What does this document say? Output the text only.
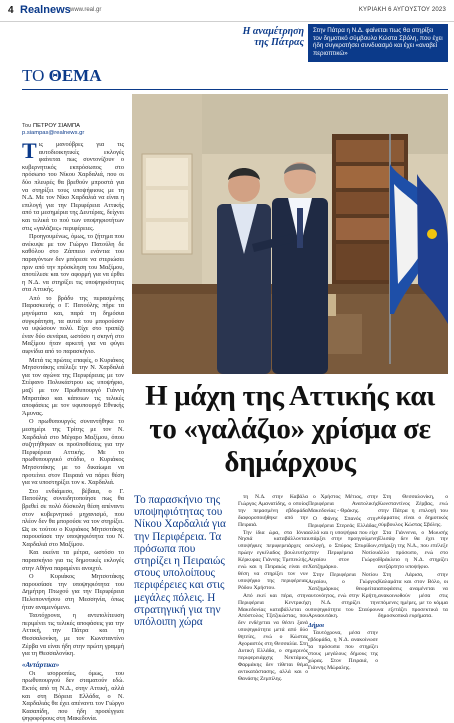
4 Realnews www.real.gr	ΚΥΡΙΑΚΗ 6 ΑΥΓΟΥΣΤΟΥ 2023
Η αναμέτρηση της Πάτρας
Στην Πάτρα η Ν.Δ. φαίνεται πως θα στηρίξει τον δημοτικό σύμβουλο Κώστα Σβόλη, που έχει ήδη συγκροτήσει συνδυασμό και έχει «αναβεί περιοπτικώ»
ΤΟ ΘΕΜΑ
Του ΠΕΤΡΟΥ ΣΙΑΜΠΑ
p.siampas@realnews.gr

Τις μανούβρες για τις αυτοδιοικητικές εκλογές φαίνεται πως συντονίζουν ο κυβερνητικός εκπρόσωπος στο πρόσωπο του Νίκου Χαρδαλιά, που οι δύο πλευρές θα βρεθούν μπροστά για να στηρίξει τους υποψήφιους με τη Ν.Δ. Με τον Νίκο Χαρδαλιά να είναι η επιλογή για την Περιφέρεια Αττικής από τα μεσημέρια της Δευτέρας, δείχνει και τελικά το πού των υποψηφιοτήτων στις «γαλάζιες» περιφέρειες.

Προηγουμένως, όμως, το ζήτημα που ανέκυψε με τον Γιώργο Πατούλη δε καθόλου στο Ζάππειο ενάντια του παραγόντων δεν μπόρεσε να στεριώσει πριν από την πρόσκληση του Μαξίμου, αποτέλεσε και τον αφορμή για να έρθει η Ν.Δ. να στηρίξει τις υποψηφιότητες στα Αττικής.

Από το βράδυ της περασμένης Παρασκευής ο Γ. Πατούλης πήρε τα μηνύματα και, παρά τη δημόσια συγκράτηση, τα αυτιά του μπορούσαν να υψώσουν πολύ. Είχε στο τραπέζι έναν δύο σενάρια, ωστόσο η σκηνή στο Μαξίμου ήταν αρκετή για να φύγει αιφνίδια από το παρασκήνιο.

Μετά τις πρώτες επαφές, ο Κυριάκος Μητσοτάκης επέλεξε την Ν. Χαρδαλιά για τον αγώνα της Περιφέρειας με τον Στέφανο Πολυκάστρου ως υποψήφιο, μαζί με τον Πρωθυπουργό Γιάννη Μπρατάκο και κάποιων τις τελικές αποφάσεις με τον υφυπουργό Εθνικής Άμυνας.

Ο πρωθυπουργός συναντήθηκε το μεσημέρι της Τρίτης με τον Ν. Χαρδαλιά στο Μέγαρο Μαξίμου, όπου συζητήθηκαν οι προϋποθέσεις για την Περιφέρεια Αττικής. Με το πρωθυπουργικό στάδιο, ο Κυριάκος Μητσοτάκης με το δικαίωμα να προτείνει στον Πειραιά να πάρει θέση για να υποστηρίξει τον κ. Χαρδαλιά.

Στο ενδιάμεσο, βέβαια, ο Γ. Πατούλης συνειδητοποίησε πως θα βρεθεί σε πολύ δύσκολη θέση απέναντι στον κυβερνητικό μηχανισμό, που πλέον δεν θα μπορούσε να τον στηρίξει. Ως εκ τούτου ο Κυριάκος Μητσοτάκης παρουσίασε την υποψηφιότητα του Ν. Χαρδαλιά στο Μαξίμου.

Και εκείνα τα μέτρα, ωστόσο το παρασκήνιο για τις δημοτικές εκλογές στην Αθήνα παραμένει ανοιχτό.

Ο Κυριάκος Μητσοτάκης παρουσίασε την υποψηφιότητα του Δημήτρη Πτωχού για την Περιφέρεια Πελοποννήσου στη Μεσσηνία, όπως ήταν αναμενόμενο.

Ταυτόχρονα, η αντιπολίτευση περιμένει τις τελικές αποφάσεις για την Αττική, την Πάτρα και τη Θεσσαλονίκη, με τον Κωνσταντίνο Ζέρβα να είναι ήδη στην πρώτη γραμμή για τη Θεσσαλονίκη.

«Αντάρτικα»

Οι ισορροπίες, όμως, του πρωθυπουργού δεν σταματούν εδώ. Εκτός από τη Ν.Δ., στην Αττική, αλλά και στη Βόρεια Ελλάδα, ο Ν. Χαρδαλιάς θα έχει απέναντι τον Γιώργο Κασαπίδη, που ήδη προσέγγισε ψηφοφόρους στη Μακεδονία.

Η μάχη της Αττικής και το «γαλάζιο» χρίσμα σε δημάρχους
Το παρασκήνιο της υποψηφιότητας του Νίκου Χαρδαλιά για την Περιφέρεια. Τα πρόσωπα που στηρίζει η Πειραιώς στους υπολοίπους περιφέρειες και στις μεγάλες πόλεις. Η στρατηγική για την υπόλοιπη χώρα

τη Ν.Δ. στην Καβάλα Γιώργος Αμανατίδης, ο οποίος την περασμένη εβδομάδα διαφοροποιήθηκε από την Πειραιά.

Την ίδια ώρα, στα Ιόνια Νησιά καταβάλλονται υποψήφιες περιφερειάρχες ο πρώην εγκέλαδος βουλευτής Κέρκυρας Γιάννης Τρεπεκλής, ενώ και η Πειραιώς είναι σε θέση να στηρίξει τον νυν υποψήφιο της περιφέρειας Ρόδου Χρήστου.

Από εκεί και πέρα, στην Περιφέρεια Κεντρικής Μακεδονίας καταβάλλεται ο Απόστολος Τζιτζικώστας, που δεν ενδέχεται να θέσει ξανά υποψηφιότητα μετά από δύο θητείες, ενώ ο Κώστας Αγοραστός στη Θεσσαλία. Στη Δυτική Ελλάδα, ο σημερινός περιφερειάρχης Νεκτάριος Φαρμάκης δεν τίθεται θέμα αντικατάστασης, αλλά και ο Θανάσης Ζεμπίλης.

ο Χρήστος Μέτιος, στην Περιφέρεια Ανατολικής Μακεδονίας - Θράκης.

Ο Φάνης Σπανός στην Περιφέρεια Στερεάς Ελλάδας, αλλά και η υποψήφια που είχε υπάρξει στην προηγούμενη εκλογή, ο Σπύρος Σπυρίδων, στην Περιφέρεια Νοτίου Αιγαίου στον Γιώργο Χατζημάρκο.

Στην Περιφέρεια Νοτίου Αιγαίου, ο Γιώργος Χατζημάρκος θεωρείται αυτονόητος, ενώ στην Κρήτη, η Ν.Δ. στηρίζει την υποψηφιότητα του Σταύρου Αρναουτάκη.

Δήμοι

Ταυτόχρονα, μέσα στην εβδομάδα, η Ν.Δ. ανακοίνωσε τα πρόσωπα που στηρίζει στους μεγάλους δήμους της χώρας. Στον Πειραιά, ο Γιάννης Μώραλης.

Στη Θεσσαλονίκη, ο Κωνσταντίνος Ζέρβας, ενώ στην Πάτρα η επιλογή του κόμματος είναι ο δημοτικός σύμβουλος Κώστας Σβόλης.

Στα Γιάννενα, ο Μωυσής Ελισάφ δεν θα έχει την στήριξη της Ν.Δ., που επέλεξε άλλο πρόσωπο, ενώ στο Ηράκλειο η Ν.Δ. στηρίζει ανεξάρτητο υποψήφιο.

Στη Λάρισα, στην Καλαμάτα και στον Βόλο, οι αποφάσεις αναμένεται να ανακοινωθούν μέσα στις επόμενες ημέρες, με το κόμμα να εξετάζει προσεκτικά τα δημοσκοπικά ευρήματα.
